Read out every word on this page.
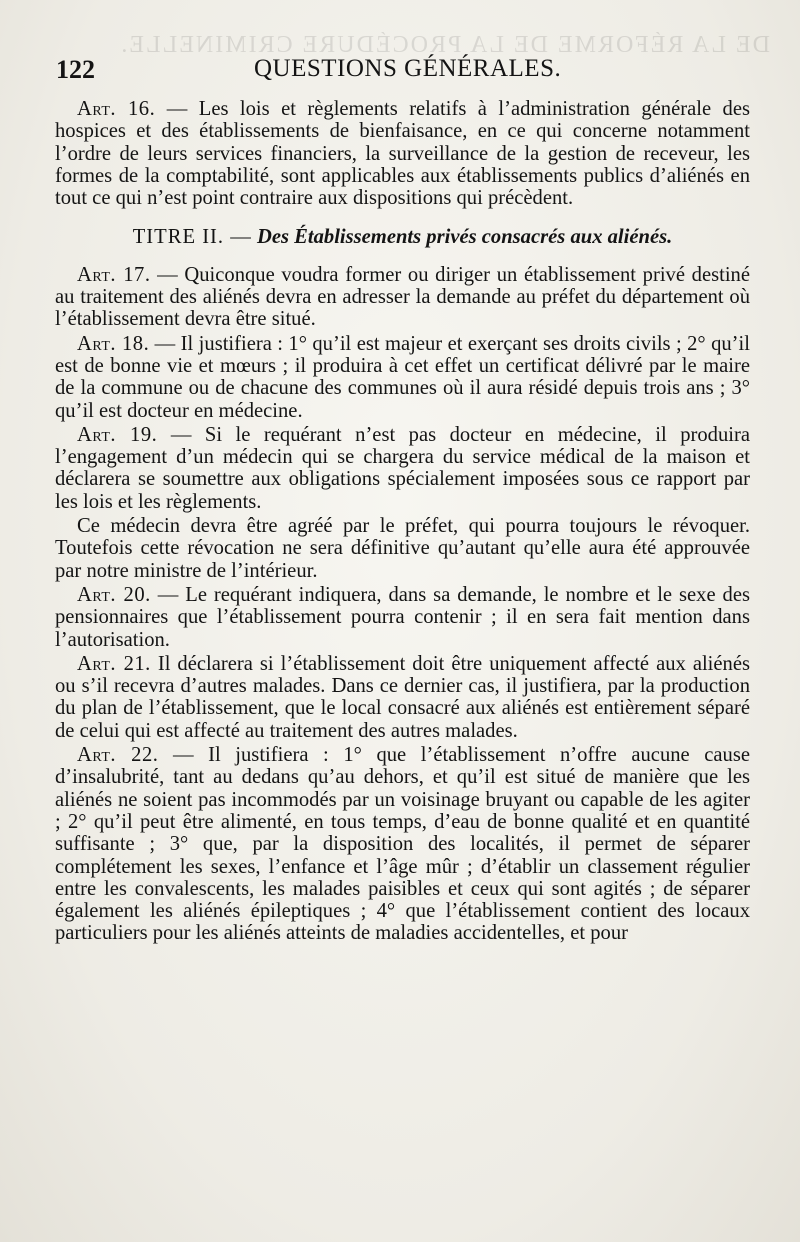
DE LA RÉFORME DE LA PROCÉDURE CRIMINELLE.
122	QUESTIONS GÉNÉRALES.

Art. 16. — Les lois et règlements relatifs à l’administration générale des hospices et des établissements de bienfaisance, en ce qui concerne notamment l’ordre de leurs services financiers, la surveillance de la gestion de receveur, les formes de la comptabilité, sont applicables aux établissements publics d’aliénés en tout ce qui n’est point contraire aux dispositions qui précèdent.

TITRE II. — Des Établissements privés consacrés aux aliénés.

Art. 17. — Quiconque voudra former ou diriger un établissement privé destiné au traitement des aliénés devra en adresser la demande au préfet du département où l’établissement devra être situé.

Art. 18. — Il justifiera : 1° qu’il est majeur et exerçant ses droits civils ; 2° qu’il est de bonne vie et mœurs ; il produira à cet effet un certificat délivré par le maire de la commune ou de chacune des communes où il aura résidé depuis trois ans ; 3° qu’il est docteur en médecine.

Art. 19. — Si le requérant n’est pas docteur en médecine, il produira l’engagement d’un médecin qui se chargera du service médical de la maison et déclarera se soumettre aux obligations spécialement imposées sous ce rapport par les lois et les règlements.

Ce médecin devra être agréé par le préfet, qui pourra toujours le révoquer. Toutefois cette révocation ne sera définitive qu’autant qu’elle aura été approuvée par notre ministre de l’intérieur.

Art. 20. — Le requérant indiquera, dans sa demande, le nombre et le sexe des pensionnaires que l’établissement pourra contenir ; il en sera fait mention dans l’autorisation.

Art. 21. Il déclarera si l’établissement doit être uniquement affecté aux aliénés ou s’il recevra d’autres malades. Dans ce dernier cas, il justifiera, par la production du plan de l’établissement, que le local consacré aux aliénés est entièrement séparé de celui qui est affecté au traitement des autres malades.

Art. 22. — Il justifiera : 1° que l’établissement n’offre aucune cause d’insalubrité, tant au dedans qu’au dehors, et qu’il est situé de manière que les aliénés ne soient pas incommodés par un voisinage bruyant ou capable de les agiter ; 2° qu’il peut être alimenté, en tous temps, d’eau de bonne qualité et en quantité suffisante ; 3° que, par la disposition des localités, il permet de séparer complétement les sexes, l’enfance et l’âge mûr ; d’établir un classement régulier entre les convalescents, les malades paisibles et ceux qui sont agités ; de séparer également les aliénés épileptiques ; 4° que l’établissement contient des locaux particuliers pour les aliénés atteints de maladies accidentelles, et pour
